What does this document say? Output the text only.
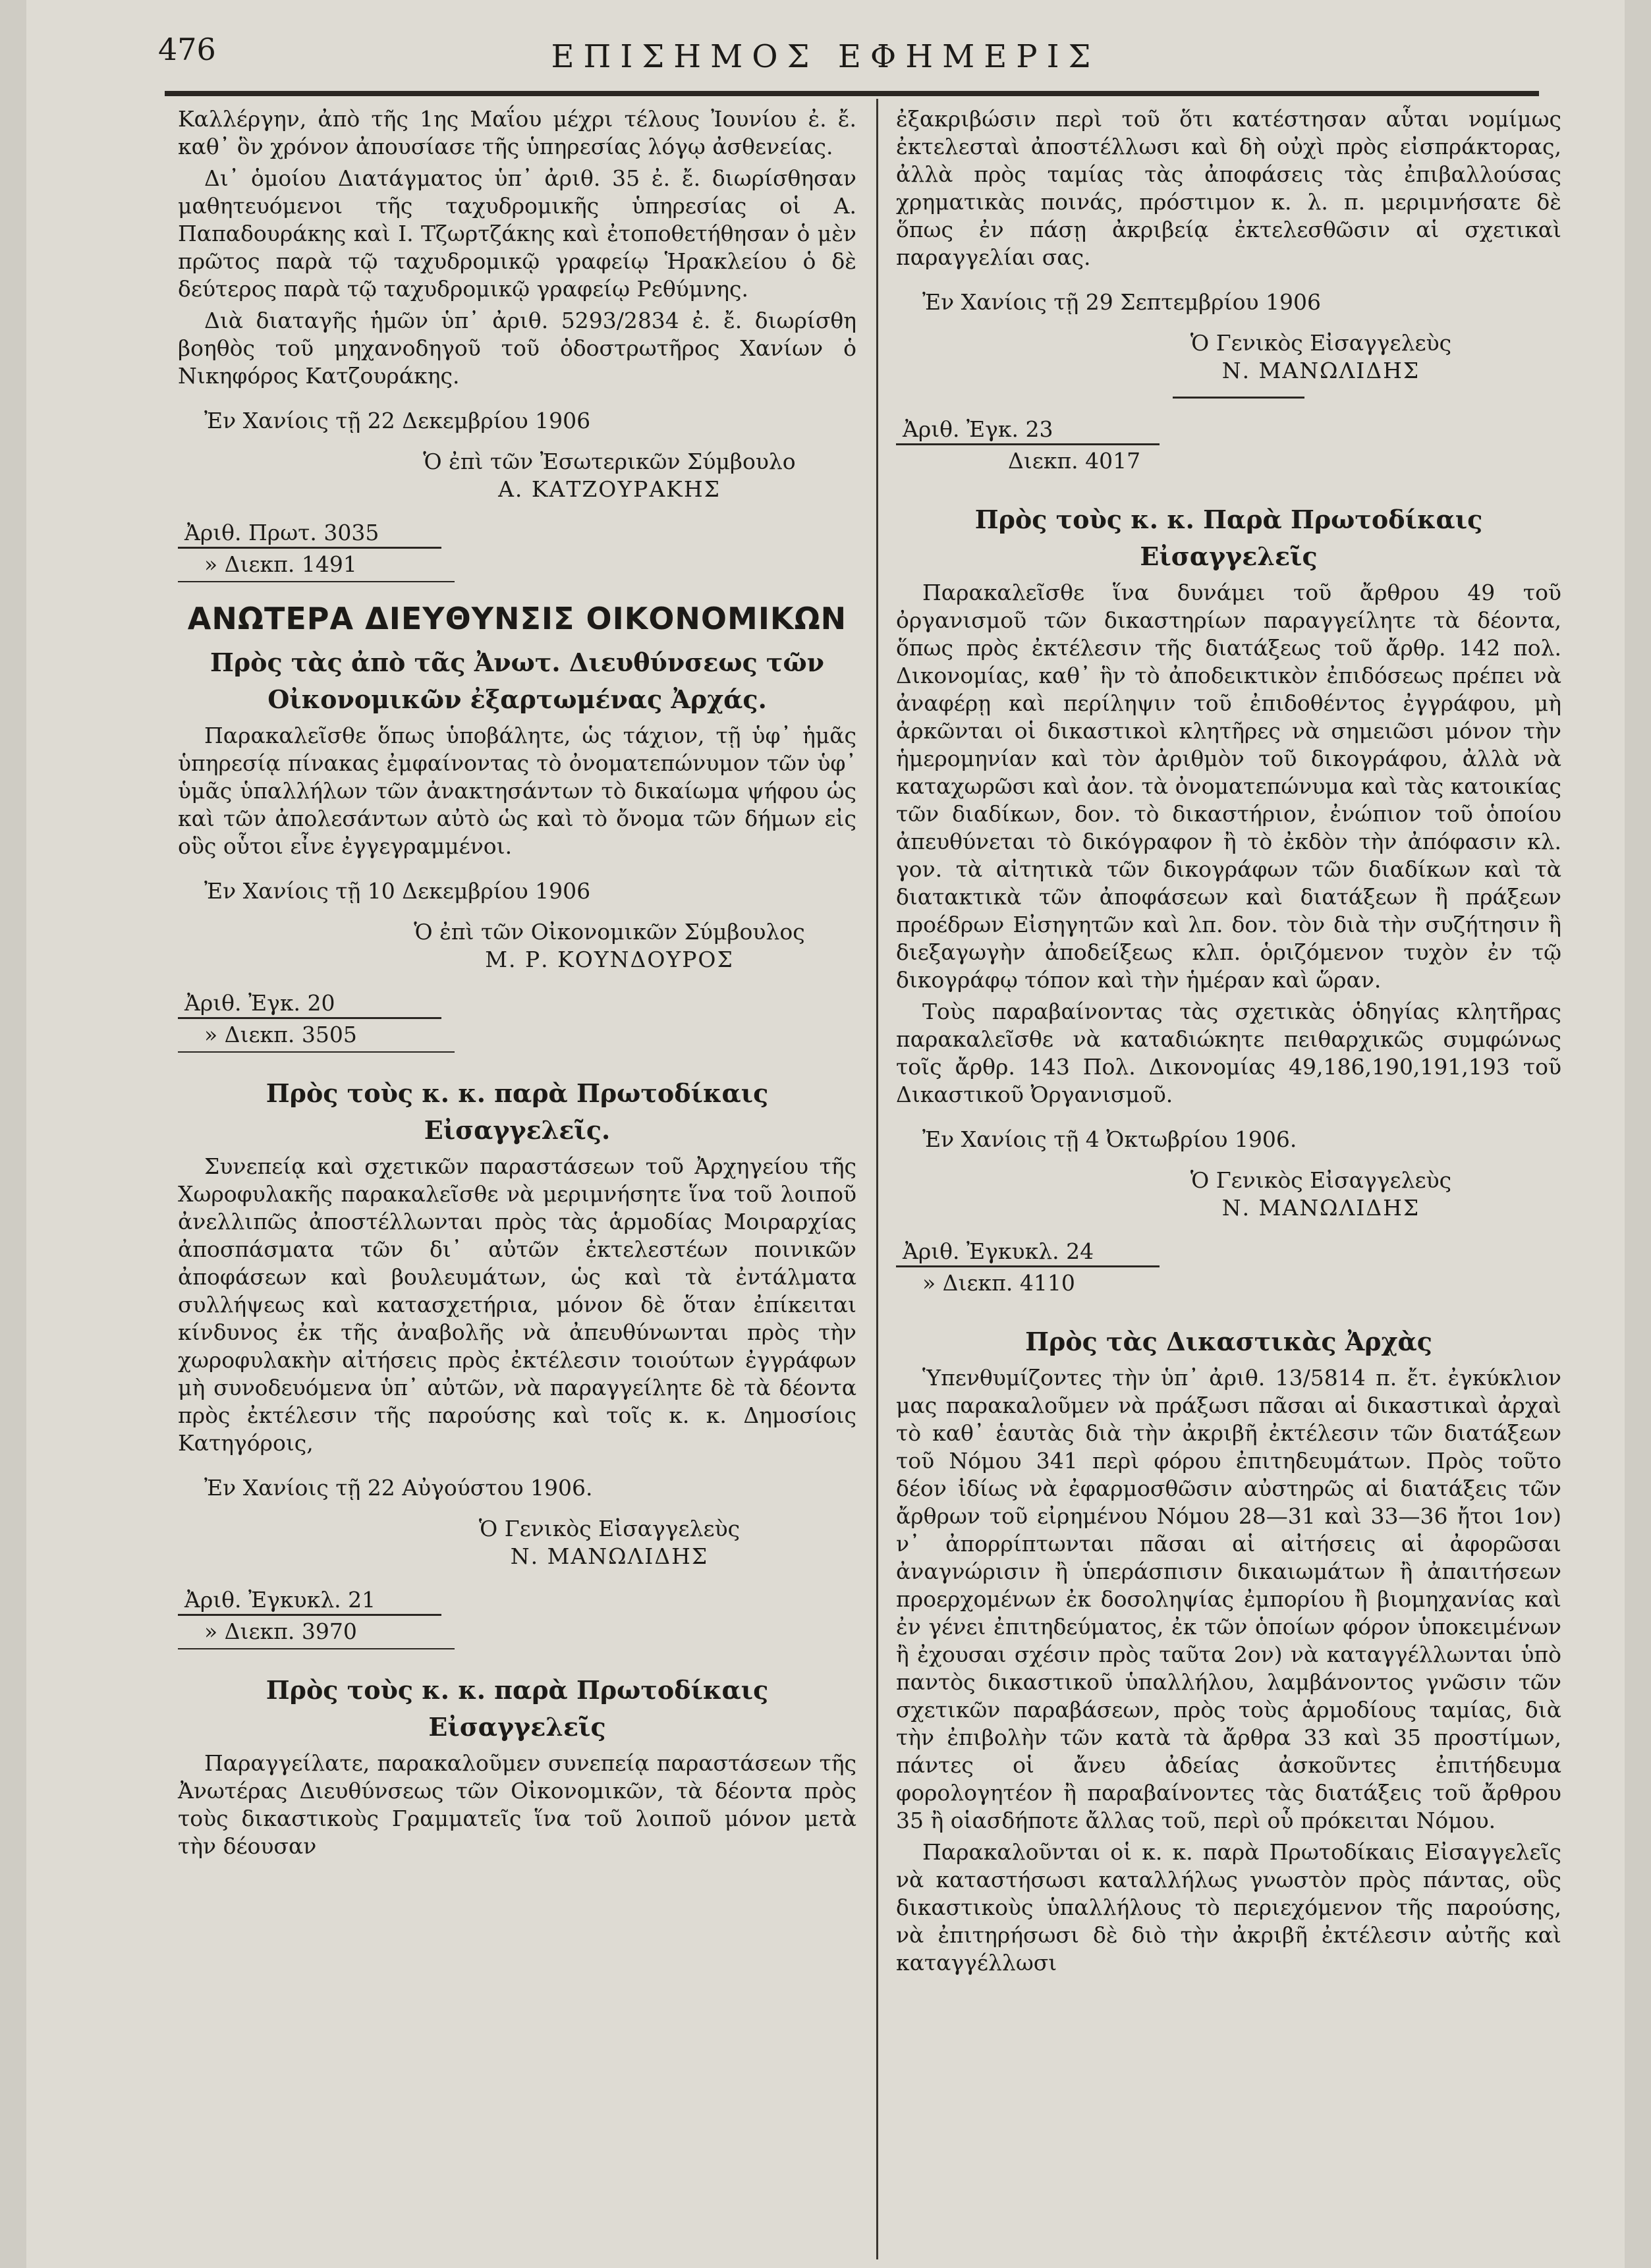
476	ΕΠΙΣΗΜΟΣ ΕΦΗΜΕΡΙΣ

Καλλέργην, ἀπὸ τῆς 1ης Μαΐου μέχρι τέλους Ἰουνίου ἐ. ἔ. καθ᾽ ὃν χρόνον ἀπουσίασε τῆς ὑπηρεσίας λόγῳ ἀσθενείας.

Δι᾽ ὁμοίου Διατάγματος ὑπ᾽ ἀριθ. 35 ἐ. ἔ. διωρίσθησαν μαθητευόμενοι τῆς ταχυδρομικῆς ὑπηρεσίας οἱ Α. Παπαδουράκης καὶ Ι. Τζωρτζάκης καὶ ἐτοποθετήθησαν ὁ μὲν πρῶτος παρὰ τῷ ταχυδρομικῷ γραφείῳ Ἡρακλείου ὁ δὲ δεύτερος παρὰ τῷ ταχυδρομικῷ γραφείῳ Ρεθύμνης.

Διὰ διαταγῆς ἡμῶν ὑπ᾽ ἀριθ. 5293/2834 ἐ. ἔ. διωρίσθη βοηθὸς τοῦ μηχανοδηγοῦ τοῦ ὁδοστρωτῆρος Χανίων ὁ Νικηφόρος Κατζουράκης.

Ἐν Χανίοις τῇ 22 Δεκεμβρίου 1906

Ὁ ἐπὶ τῶν Ἐσωτερικῶν Σύμβουλο

Α. ΚΑΤΖΟΥΡΑΚΗΣ

Ἀριθ. Πρωτ. 3035
» Διεκπ. 1491
ΑΝΩΤΕΡΑ ΔΙΕΥΘΥΝΣΙΣ ΟΙΚΟΝΟΜΙΚΩΝ
Πρὸς τὰς ἀπὸ τᾶς Ἀνωτ. Διευθύνσεως τῶν
Οἰκονομικῶν ἐξαρτωμένας Ἀρχάς.

Παρακαλεῖσθε ὅπως ὑποβάλητε, ὡς τάχιον, τῇ ὑφ᾽ ἡμᾶς ὑπηρεσίᾳ πίνακας ἐμφαίνοντας τὸ ὀνοματεπώνυμον τῶν ὑφ᾽ ὑμᾶς ὑπαλλήλων τῶν ἀνακτησάντων τὸ δικαίωμα ψήφου ὡς καὶ τῶν ἀπολεσάντων αὐτὸ ὡς καὶ τὸ ὄνομα τῶν δήμων εἰς οὓς οὗτοι εἶνε ἐγγεγραμμένοι.

Ἐν Χανίοις τῇ 10 Δεκεμβρίου 1906

Ὁ ἐπὶ τῶν Οἰκονομικῶν Σύμβουλος

Μ. Ρ. ΚΟΥΝΔΟΥΡΟΣ

Ἀριθ. Ἐγκ. 20
» Διεκπ. 3505
Πρὸς τοὺς κ. κ. παρὰ Πρωτοδίκαις
Εἰσαγγελεῖς.

Συνεπείᾳ καὶ σχετικῶν παραστάσεων τοῦ Ἀρχηγείου τῆς Χωροφυλακῆς παρακαλεῖσθε νὰ μεριμνήσητε ἵνα τοῦ λοιποῦ ἀνελλιπῶς ἀποστέλλωνται πρὸς τὰς ἁρμοδίας Μοιραρχίας ἀποσπάσματα τῶν δι᾽ αὐτῶν ἐκτελεστέων ποινικῶν ἀποφάσεων καὶ βουλευμάτων, ὡς καὶ τὰ ἐντάλματα συλλήψεως καὶ κατασχετήρια, μόνον δὲ ὅταν ἐπίκειται κίνδυνος ἐκ τῆς ἀναβολῆς νὰ ἀπευθύνωνται πρὸς τὴν χωροφυλακὴν αἰτήσεις πρὸς ἐκτέλεσιν τοιούτων ἐγγράφων μὴ συνοδευόμενα ὑπ᾽ αὐτῶν, νὰ παραγγείλητε δὲ τὰ δέοντα πρὸς ἐκτέλεσιν τῆς παρούσης καὶ τοῖς κ. κ. Δημοσίοις Κατηγόροις,

Ἐν Χανίοις τῇ 22 Αὐγούστου 1906.

Ὁ Γενικὸς Εἰσαγγελεὺς

Ν. ΜΑΝΩΛΙΔΗΣ

Ἀριθ. Ἐγκυκλ. 21
» Διεκπ. 3970
Πρὸς τοὺς κ. κ. παρὰ Πρωτοδίκαις
Εἰσαγγελεῖς

Παραγγείλατε, παρακαλοῦμεν συνεπείᾳ παραστάσεων τῆς Ἀνωτέρας Διευθύνσεως τῶν Οἰκονομικῶν, τὰ δέοντα πρὸς τοὺς δικαστικοὺς Γραμματεῖς ἵνα τοῦ λοιποῦ μόνον μετὰ τὴν δέουσαν

ἐξακριβώσιν περὶ τοῦ ὅτι κατέστησαν αὗται νομίμως ἐκτελεσταὶ ἀποστέλλωσι καὶ δὴ οὐχὶ πρὸς εἰσπράκτορας, ἀλλὰ πρὸς ταμίας τὰς ἀποφάσεις τὰς ἐπιβαλλούσας χρηματικὰς ποινάς, πρόστιμον κ. λ. π. μεριμνήσατε δὲ ὅπως ἐν πάσῃ ἀκριβείᾳ ἐκτελεσθῶσιν αἱ σχετικαὶ παραγγελίαι σας.

Ἐν Χανίοις τῇ 29 Σεπτεμβρίου 1906

Ὁ Γενικὸς Εἰσαγγελεὺς

Ν. ΜΑΝΩΛΙΔΗΣ

Ἀριθ. Ἐγκ. 23
Διεκπ. 4017
Πρὸς τοὺς κ. κ. Παρὰ Πρωτοδίκαις
Εἰσαγγελεῖς

Παρακαλεῖσθε ἵνα δυνάμει τοῦ ἄρθρου 49 τοῦ ὀργανισμοῦ τῶν δικαστηρίων παραγγείλητε τὰ δέοντα, ὅπως πρὸς ἐκτέλεσιν τῆς διατάξεως τοῦ ἄρθρ. 142 πολ. Δικονομίας, καθ᾽ ἣν τὸ ἀποδεικτικὸν ἐπιδόσεως πρέπει νὰ ἀναφέρῃ καὶ περίληψιν τοῦ ἐπιδοθέντος ἐγγράφου, μὴ ἀρκῶνται οἱ δικαστικοὶ κλητῆρες νὰ σημειῶσι μόνον τὴν ἡμερομηνίαν καὶ τὸν ἀριθμὸν τοῦ δικογράφου, ἀλλὰ νὰ καταχωρῶσι καὶ ἀον. τὰ ὀνοματεπώνυμα καὶ τὰς κατοικίας τῶν διαδίκων, δον. τὸ δικαστήριον, ἐνώπιον τοῦ ὁποίου ἀπευθύνεται τὸ δικόγραφον ἢ τὸ ἐκδὸν τὴν ἀπόφασιν κλ. γον. τὰ αἰτητικὰ τῶν δικογράφων τῶν διαδίκων καὶ τὰ διατακτικὰ τῶν ἀποφάσεων καὶ διατάξεων ἢ πράξεων προέδρων Εἰσηγητῶν καὶ λπ. δον. τὸν διὰ τὴν συζήτησιν ἢ διεξαγωγὴν ἀποδείξεως κλπ. ὁριζόμενον τυχὸν ἐν τῷ δικογράφῳ τόπον καὶ τὴν ἡμέραν καὶ ὥραν.

Τοὺς παραβαίνοντας τὰς σχετικὰς ὁδηγίας κλητῆρας παρακαλεῖσθε νὰ καταδιώκητε πειθαρχικῶς συμφώνως τοῖς ἄρθρ. 143 Πολ. Δικονομίας 49,186,190,191,193 τοῦ Δικαστικοῦ Ὀργανισμοῦ.

Ἐν Χανίοις τῇ 4 Ὀκτωβρίου 1906.

Ὁ Γενικὸς Εἰσαγγελεὺς

Ν. ΜΑΝΩΛΙΔΗΣ

Ἀριθ. Ἐγκυκλ. 24
» Διεκπ. 4110
Πρὸς τὰς Δικαστικὰς Ἀρχὰς

Ὑπενθυμίζοντες τὴν ὑπ᾽ ἀριθ. 13/5814 π. ἔτ. ἐγκύκλιον μας παρακαλοῦμεν νὰ πράξωσι πᾶσαι αἱ δικαστικαὶ ἀρχαὶ τὸ καθ᾽ ἑαυτὰς διὰ τὴν ἀκριβῆ ἐκτέλεσιν τῶν διατάξεων τοῦ Νόμου 341 περὶ φόρου ἐπιτηδευμάτων. Πρὸς τοῦτο δέον ἰδίως νὰ ἐφαρμοσθῶσιν αὐστηρῶς αἱ διατάξεις τῶν ἄρθρων τοῦ εἰρημένου Νόμου 28—31 καὶ 33—36 ἤτοι 1ον) ν᾽ ἀπορρίπτωνται πᾶσαι αἱ αἰτήσεις αἱ ἀφορῶσαι ἀναγνώρισιν ἢ ὑπεράσπισιν δικαιωμάτων ἢ ἀπαιτήσεων προερχομένων ἐκ δοσοληψίας ἐμπορίου ἢ βιομηχανίας καὶ ἐν γένει ἐπιτηδεύματος, ἐκ τῶν ὁποίων φόρον ὑποκειμένων ἢ ἐχουσαι σχέσιν πρὸς ταῦτα 2ον) νὰ καταγγέλλωνται ὑπὸ παντὸς δικαστικοῦ ὑπαλλήλου, λαμβάνοντος γνῶσιν τῶν σχετικῶν παραβάσεων, πρὸς τοὺς ἁρμοδίους ταμίας, διὰ τὴν ἐπιβολὴν τῶν κατὰ τὰ ἄρθρα 33 καὶ 35 προστίμων, πάντες οἱ ἄνευ ἀδείας ἀσκοῦντες ἐπιτήδευμα φορολογητέον ἢ παραβαίνοντες τὰς διατάξεις τοῦ ἄρθρου 35 ἢ οἱασδήποτε ἄλλας τοῦ, περὶ οὗ πρόκειται Νόμου.

Παρακαλοῦνται οἱ κ. κ. παρὰ Πρωτοδίκαις Εἰσαγγελεῖς νὰ καταστήσωσι καταλλήλως γνωστὸν πρὸς πάντας, οὓς δικαστικοὺς ὑπαλλήλους τὸ περιεχόμενον τῆς παρούσης, νὰ ἐπιτηρήσωσι δὲ διὸ τὴν ἀκριβῆ ἐκτέλεσιν αὐτῆς καὶ καταγγέλλωσι
